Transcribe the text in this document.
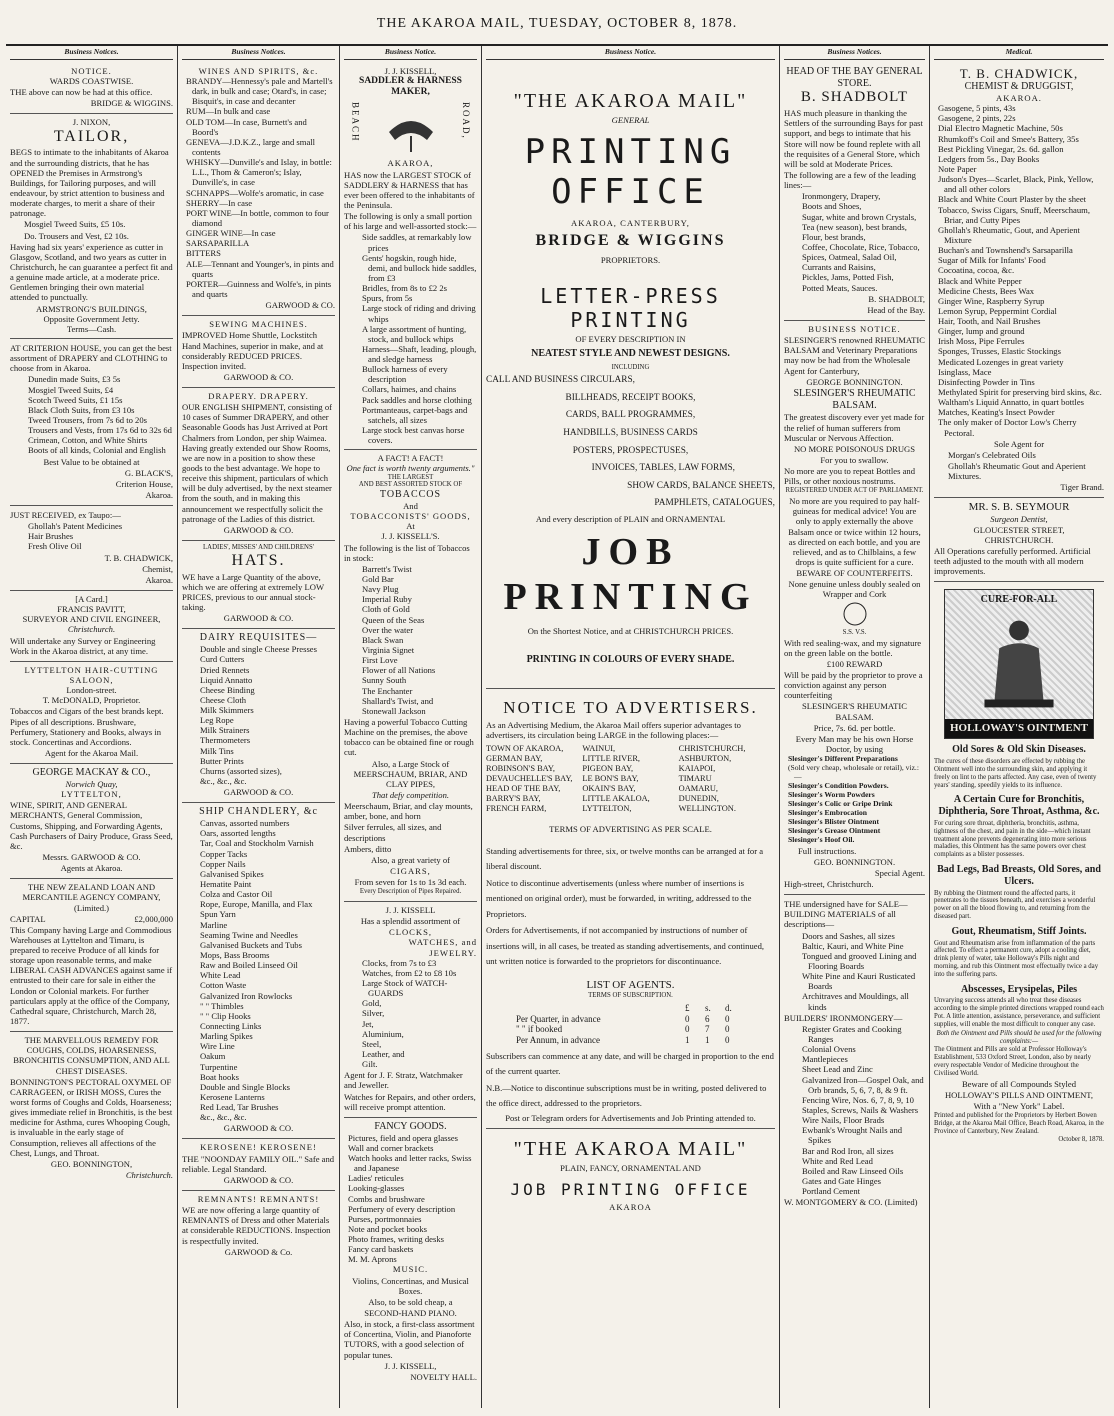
THE AKAROA MAIL, TUESDAY, OCTOBER 8, 1878.
Business Notices.
NOTICE.
WARDS COASTWISE.

THE above can now be had at this office.

BRIDGE & WIGGINS.

J. NIXON,
TAILOR,

BEGS to intimate to the inhabitants of Akaroa and the surrounding districts, that he has OPENED the Premises in Armstrong's Buildings, for Tailoring purposes, and will endeavour, by strict attention to business and moderate charges, to merit a share of their patronage.

Mosgiel Tweed Suits, £5 10s.

Do. Trousers and Vest, £2 10s.

Having had six years' experience as cutter in Glasgow, Scotland, and two years as cutter in Christchurch, he can guarantee a perfect fit and a genuine made article, at a moderate price. Gentlemen bringing their own material attended to punctually.

ARMSTRONG'S BUILDINGS,
Opposite Government Jetty.
Terms—Cash.

AT CRITERION HOUSE, you can get the best assortment of DRAPERY and CLOTHING to choose from in Akaroa.

Dunedin made Suits, £3 5s
Mosgiel Tweed Suits, £4
Scotch Tweed Suits, £1 15s
Black Cloth Suits, from £3 10s
Tweed Trousers, from 7s 6d to 20s
Trousers and Vests, from 17s 6d to 32s 6d
Crimean, Cotton, and White Shirts
Boots of all kinds, Colonial and English

Best Value to be obtained at

G. BLACK'S,

Criterion House,

Akaroa.

JUST RECEIVED, ex Taupo:—

Ghollah's Patent Medicines
Hair Brushes
Fresh Olive Oil

T. B. CHADWICK,

Chemist,

Akaroa.

[A Card.]
FRANCIS PAVITT,
SURVEYOR AND CIVIL ENGINEER,
Christchurch.

Will undertake any Survey or Engineering Work in the Akaroa district, at any time.

LYTTELTON HAIR-CUTTING SALOON,
London-street.
T. McDONALD, Proprietor.

Tobaccos and Cigars of the best brands kept. Pipes of all descriptions. Brushware, Perfumery, Stationery and Books, always in stock. Concertinas and Accordions.

Agent for the Akaroa Mail.

GEORGE MACKAY & CO.,
Norwich Quay,
LYTTELTON,

WINE, SPIRIT, AND GENERAL MERCHANTS, General Commission, Customs, Shipping, and Forwarding Agents, Cash Purchasers of Dairy Produce, Grass Seed, &c.

Messrs. GARWOOD & CO.

Agents at Akaroa.

THE NEW ZEALAND LOAN AND MERCANTILE AGENCY COMPANY,
(Limited.)

CAPITAL	£2,000,000

This Company having Large and Commodious Warehouses at Lyttelton and Timaru, is prepared to receive Produce of all kinds for storage upon reasonable terms, and make LIBERAL CASH ADVANCES against same if entrusted to their care for sale in either the London or Colonial markets. For further particulars apply at the office of the Company, Cathedral square, Christchurch, March 28, 1877.

THE MARVELLOUS REMEDY FOR COUGHS, COLDS, HOARSENESS, BRONCHITIS CONSUMPTION, AND ALL CHEST DISEASES.

BONNINGTON'S PECTORAL OXYMEL OF CARRAGEEN, or IRISH MOSS, Cures the worst forms of Coughs and Colds, Hoarseness; gives immediate relief in Bronchitis, is the best medicine for Asthma, cures Whooping Cough, is invaluable in the early stage of Consumption, relieves all affections of the Chest, Lungs, and Throat.

GEO. BONNINGTON,

Christchurch.

Business Notices.
WINES AND SPIRITS, &c.
BRANDY—Hennessy's pale and Martell's dark, in bulk and case; Otard's, in case; Bisquit's, in case and decanter
RUM—In bulk and case
OLD TOM—In case, Burnett's and Boord's
GENEVA—J.D.K.Z., large and small contents
WHISKY—Dunville's and Islay, in bottle: L.L., Thom & Cameron's; Islay, Dunville's, in case
SCHNAPPS—Wolfe's aromatic, in case
SHERRY—In case
PORT WINE—In bottle, common to four diamond
GINGER WINE—In case
SARSAPARILLA
BITTERS
ALE—Tennant and Younger's, in pints and quarts
PORTER—Guinness and Wolfe's, in pints and quarts

GARWOOD & CO.

SEWING MACHINES.

IMPROVED Home Shuttle, Lockstitch Hand Machines, superior in make, and at considerably REDUCED PRICES. Inspection invited.

GARWOOD & CO.

DRAPERY. DRAPERY.

OUR ENGLISH SHIPMENT, consisting of 10 cases of Summer DRAPERY, and other Seasonable Goods has Just Arrived at Port Chalmers from London, per ship Waimea. Having greatly extended our Show Rooms, we are now in a position to show these goods to the best advantage. We hope to receive this shipment, particulars of which will be duly advertised, by the next steamer from the south, and in making this announcement we respectfully solicit the patronage of the Ladies of this district.

GARWOOD & CO.

LADIES', MISSES' AND CHILDRENS'
HATS.

WE have a Large Quantity of the above, which we are offering at extremely LOW PRICES, previous to our annual stock-taking.

GARWOOD & CO.

DAIRY REQUISITES—
Double and single Cheese Presses
Curd Cutters
Dried Rennets
Liquid Annatto
Cheese Binding
Cheese Cloth
Milk Skimmers
Leg Rope
Milk Strainers
Thermometers
Milk Tins
Butter Prints
Churns (assorted sizes),
&c., &c., &c.

GARWOOD & CO.

SHIP CHANDLERY, &c
Canvas, assorted numbers
Oars, assorted lengths
Tar, Coal and Stockholm Varnish
Copper Tacks
Copper Nails
Galvanised Spikes
Hematite Paint
Colza and Castor Oil
Rope, Europe, Manilla, and Flax
Spun Yarn
Marline
Seaming Twine and Needles
Galvanised Buckets and Tubs
Mops, Bass Brooms
Raw and Boiled Linseed Oil
White Lead
Cotton Waste
Galvanized Iron Rowlocks
" " Thimbles
" " Clip Hooks
Connecting Links
Marling Spikes
Wire Line
Oakum
Turpentine
Boat hooks
Double and Single Blocks
Kerosene Lanterns
Red Lead, Tar Brushes
&c., &c., &c.

GARWOOD & CO.

KEROSENE! KEROSENE!

THE "NOONDAY FAMILY OIL." Safe and reliable. Legal Standard.

GARWOOD & CO.

REMNANTS! REMNANTS!

WE are now offering a large quantity of REMNANTS of Dress and other Materials at considerable REDUCTIONS. Inspection is respectfully invited.

GARWOOD & Co.

Business Notice.
J. J. KISSELL,
SADDLER & HARNESS MAKER,
BEACH	ROAD,
AKAROA,

HAS now the LARGEST STOCK of SADDLERY & HARNESS that has ever been offered to the inhabitants of the Peninsula.

The following is only a small portion of his large and well-assorted stock:—

Side saddles, at remarkably low prices
Gents' hogskin, rough hide, demi, and bullock hide saddles, from £3
Bridles, from 8s to £2 2s
Spurs, from 5s
Large stock of riding and driving whips
A large assortment of hunting, stock, and bullock whips
Harness—Shaft, leading, plough, and sledge harness
Bullock harness of every description
Collars, haimes, and chains
Pack saddles and horse clothing
Portmanteaus, carpet-bags and satchels, all sizes
Large stock best canvas horse covers.
A FACT! A FACT!
One fact is worth twenty arguments."
THE LARGEST
AND BEST ASSORTED STOCK OF
TOBACCOS
And
TOBACCONISTS' GOODS,
At
J. J. KISSELL'S.

The following is the list of Tobaccos in stock:

Barrett's Twist
Gold Bar
Navy Plug
Imperial Ruby
Cloth of Gold
Queen of the Seas
Over the water
Black Swan
Virginia Signet
First Love
Flower of all Nations
Sunny South
The Enchanter
Shallard's Twist, and
Stonewall Jackson

Having a powerful Tobacco Cutting Machine on the premises, the above tobacco can be obtained fine or rough cut.

Also, a Large Stock of MEERSCHAUM, BRIAR, AND CLAY PIPES,

That defy competition.

Meerschaum, Briar, and clay mounts, amber, bone, and horn

Silver ferrules, all sizes, and descriptions

Ambers, ditto

Also, a great variety of

CIGARS,

From seven for 1s to 1s 3d each.

Every Description of Pipes Repaired.

J. J. KISSELL

Has a splendid assortment of

CLOCKS,
WATCHES, and
JEWELRY.
Clocks, from 7s to £3
Watches, from £2 to £8 10s
Large Stock of WATCH-GUARDS
Gold,
Silver,
Jet,
Aluminium,
Steel,
Leather, and
Gilt.

Agent for J. F. Stratz, Watchmaker and Jeweller.

Watches for Repairs, and other orders, will receive prompt attention.

FANCY GOODS.
Pictures, field and opera glasses
Wall and corner brackets
Watch hooks and letter racks, Swiss and Japanese
Ladies' reticules
Looking-glasses
Combs and brushware
Perfumery of every description
Purses, portmonnaies
Note and pocket books
Photo frames, writing desks
Fancy card baskets
M. M. Aprons
MUSIC.

Violins, Concertinas, and Musical Boxes.

Also, to be sold cheap, a

SECOND-HAND PIANO.

Also, in stock, a first-class assortment of Concertina, Violin, and Pianoforte TUTORS, with a good selection of popular tunes.

J. J. KISSELL,

NOVELTY HALL.

Business Notice.
"THE AKAROA MAIL"
GENERAL
PRINTING OFFICE
AKAROA, CANTERBURY,
BRIDGE & WIGGINS
PROPRIETORS.
LETTER-PRESS PRINTING
OF EVERY DESCRIPTION IN
NEATEST STYLE AND NEWEST DESIGNS.
INCLUDING
CALL AND BUSINESS CIRCULARS,
BILLHEADS, RECEIPT BOOKS,
CARDS, BALL PROGRAMMES,
HANDBILLS, BUSINESS CARDS
POSTERS, PROSPECTUSES,
INVOICES, TABLES, LAW FORMS,
SHOW CARDS, BALANCE SHEETS,
PAMPHLETS, CATALOGUES,

And every description of PLAIN and ORNAMENTAL

JOB PRINTING

On the Shortest Notice, and at CHRISTCHURCH PRICES.

PRINTING IN COLOURS OF EVERY SHADE.
NOTICE TO ADVERTISERS.

As an Advertising Medium, the Akaroa Mail offers superior advantages to advertisers, its circulation being LARGE in the following places:—

TOWN OF AKAROA,	WAINUI,	CHRISTCHURCH,
GERMAN BAY,	LITTLE RIVER,	ASHBURTON,
ROBINSON'S BAY,	PIGEON BAY,	KAIAPOI,
DEVAUCHELLE'S BAY,	LE BON'S BAY,	TIMARU
HEAD OF THE BAY,	OKAIN'S BAY,	OAMARU,
BARRY'S BAY,	LITTLE AKALOA,	DUNEDIN,
FRENCH FARM,	LYTTELTON,	WELLINGTON.

TERMS OF ADVERTISING AS PER SCALE.

Standing advertisements for three, six, or twelve months can be arranged at for a liberal discount.

Notice to discontinue advertisements (unless where number of insertions is mentioned on original order), must be forwarded, in writing, addressed to the Proprietors.

Orders for Advertisements, if not accompanied by instructions of number of insertions will, in all cases, be treated as standing advertisements, and continued, unt written notice is forwarded to the proprietors for discontinuance.

LIST OF AGENTS.
TERMS OF SUBSCRIPTION.
£	s.	d.
Per Quarter, in advance	0	6	0
" " if booked	0	7	0
Per Annum, in advance	1	1	0

Subscribers can commence at any date, and will be charged in proportion to the end of the current quarter.

N.B.—Notice to discontinue subscriptions must be in writing, posted delivered to the office direct, addressed to the proprietors.

Post or Telegram orders for Advertisements and Job Printing attended to.

"THE AKAROA MAIL"
PLAIN, FANCY, ORNAMENTAL AND
JOB PRINTING OFFICE
AKAROA
Business Notices.
HEAD OF THE BAY GENERAL STORE.
B. SHADBOLT

HAS much pleasure in thanking the Settlers of the surrounding Bays for past support, and begs to intimate that his Store will now be found replete with all the requisites of a General Store, which will be sold at Moderate Prices.

The following are a few of the leading lines:—

Ironmongery, Drapery,
Boots and Shoes,
Sugar, white and brown Crystals,
Tea (new season), best brands,
Flour, best brands,
Coffee, Chocolate, Rice, Tobacco,
Spices, Oatmeal, Salad Oil,
Currants and Raisins,
Pickles, Jams, Potted Fish,
Potted Meats, Sauces.

B. SHADBOLT,

Head of the Bay.

BUSINESS NOTICE.

SLESINGER'S renowned RHEUMATIC BALSAM and Veterinary Preparations may now be had from the Wholesale Agent for Canterbury,

GEORGE BONNINGTON.

SLESINGER'S RHEUMATIC BALSAM.

The greatest discovery ever yet made for the relief of human sufferers from Muscular or Nervous Affection.

NO MORE POISONOUS DRUGS

For you to swallow.

No more are you to repeat Bottles and Pills, or other noxious nostrums.

REGISTERED UNDER ACT OF PARLIAMENT.

No more are you required to pay half-guineas for medical advice! You are only to apply externally the above Balsam once or twice within 12 hours, as directed on each bottle, and you are relieved, and as to Chilblains, a few drops is quite sufficient for a cure.

BEWARE OF COUNTERFEITS.

None genuine unless doubly sealed on Wrapper and Cork

S.S. V.S.

With red sealing-wax, and my signature on the green lable on the bottle.

£100 REWARD

Will be paid by the proprietor to prove a conviction against any person counterfeiting

SLESINGER'S RHEUMATIC BALSAM.

Price, 7s. 6d. per bottle.

Every Man may be his own Horse Doctor, by using

Slesinger's Different Preparations
(Sold very cheap, wholesale or retail), viz.:—
Slesinger's Condition Powders.
Slesinger's Worm Powders
Slesinger's Colic or Gripe Drink
Slesinger's Embrocation
Slesinger's Blister Ointment
Slesinger's Grease Ointment
Slesinger's Hoof Oil.

Full instructions.

GEO. BONNINGTON.

Special Agent.

High-street, Christchurch.

THE undersigned have for SALE—BUILDING MATERIALS of all descriptions—

Doors and Sashes, all sizes
Baltic, Kauri, and White Pine
Tongued and grooved Lining and Flooring Boards
White Pine and Kauri Rusticated Boards
Architraves and Mouldings, all kinds

BUILDERS' IRONMONGERY—

Register Grates and Cooking Ranges
Colonial Ovens
Mantlepieces
Sheet Lead and Zinc
Galvanized Iron—Gospel Oak, and Orb brands, 5, 6, 7, 8, & 9 ft.
Fencing Wire, Nos. 6, 7, 8, 9, 10
Staples, Screws, Nails & Washers
Wire Nails, Floor Brads
Ewbank's Wrought Nails and Spikes
Bar and Rod Iron, all sizes
White and Red Lead
Boiled and Raw Linseed Oils
Gates and Gate Hinges
Portland Cement

W. MONTGOMERY & CO. (Limited)

Medical.
T. B. CHADWICK,
CHEMIST & DRUGGIST,
AKAROA.
Gasogene, 5 pints, 43s
Gasogene, 2 pints, 22s
Dial Electro Magnetic Machine, 50s
Rhumkoff's Coil and Smee's Battery, 35s
Best Pickling Vinegar, 2s. 6d. gallon
Ledgers from 5s., Day Books
Note Paper
Judson's Dyes—Scarlet, Black, Pink, Yellow, and all other colors
Black and White Court Plaster by the sheet
Tobacco, Swiss Cigars, Snuff, Meerschaum, Briar, and Cutty Pipes
Ghollah's Rheumatic, Gout, and Aperient Mixture
Buchan's and Townshend's Sarsaparilla
Sugar of Milk for Infants' Food
Cocoatina, cocoa, &c.
Black and White Pepper
Medicine Chests, Bees Wax
Ginger Wine, Raspberry Syrup
Lemon Syrup, Peppermint Cordial
Hair, Tooth, and Nail Brushes
Ginger, lump and ground
Irish Moss, Pipe Ferrules
Sponges, Trusses, Elastic Stockings
Medicated Lozenges in great variety
Isinglass, Mace
Disinfecting Powder in Tins
Methylated Spirit for preserving bird skins, &c.
Waltham's Liquid Annatto, in quart bottles
Matches, Keating's Insect Powder
The only maker of Doctor Low's Cherry Pectoral.

Sole Agent for

Morgan's Celebrated Oils

Ghollah's Rheumatic Gout and Aperient Mixtures.

Tiger Brand.

MR. S. B. SEYMOUR
Surgeon Dentist,
GLOUCESTER STREET,
CHRISTCHURCH.

All Operations carefully performed. Artificial teeth adjusted to the mouth with all modern improvements.

CURE-FOR-ALL
HOLLOWAY'S OINTMENT
Old Sores & Old Skin Diseases.

The cures of these disorders are effected by rubbing the Ointment well into the surrounding skin, and applying it freely on lint to the parts affected. Any case, even of twenty years' standing, speedily yields to its influence.

A Certain Cure for Bronchitis, Diphtheria, Sore Throat, Asthma, &c.

For curing sore throat, diphtheria, bronchitis, asthma, tightness of the chest, and pain in the side—which instant treatment alone prevents degenerating into more serious maladies, this Ointment has the same powers over chest complaints as a blister possesses.

Bad Legs, Bad Breasts, Old Sores, and Ulcers.

By rubbing the Ointment round the affected parts, it penetrates to the tissues beneath, and exercises a wonderful power on all the blood flowing to, and returning from the diseased part.

Gout, Rheumatism, Stiff Joints.

Gout and Rheumatism arise from inflammation of the parts affected. To effect a permanent cure, adopt a cooling diet, drink plenty of water, take Holloway's Pills night and morning, and rub this Ointment most effectually twice a day into the suffering parts.

Abscesses, Erysipelas, Piles

Unvarying success attends all who treat these diseases according to the simple printed directions wrapped round each Pot. A little attention, assistance, perseverance, and sufficient supplies, will enable the most difficult to conquer any case.

Both the Ointment and Pills should be used for the following complaints:—

The Ointment and Pills are sold at Professor Holloway's Establishment, 533 Oxford Street, London, also by nearly every respectable Vendor of Medicine throughout the Civilised World.

Beware of all Compounds Styled

HOLLOWAY'S PILLS AND OINTMENT,

With a "New York" Label.

Printed and published for the Proprietors by Herbert Bowen Bridge, at the Akaroa Mail Office, Beach Road, Akaroa, in the Province of Canterbury, New Zealand.

October 8, 1878.
